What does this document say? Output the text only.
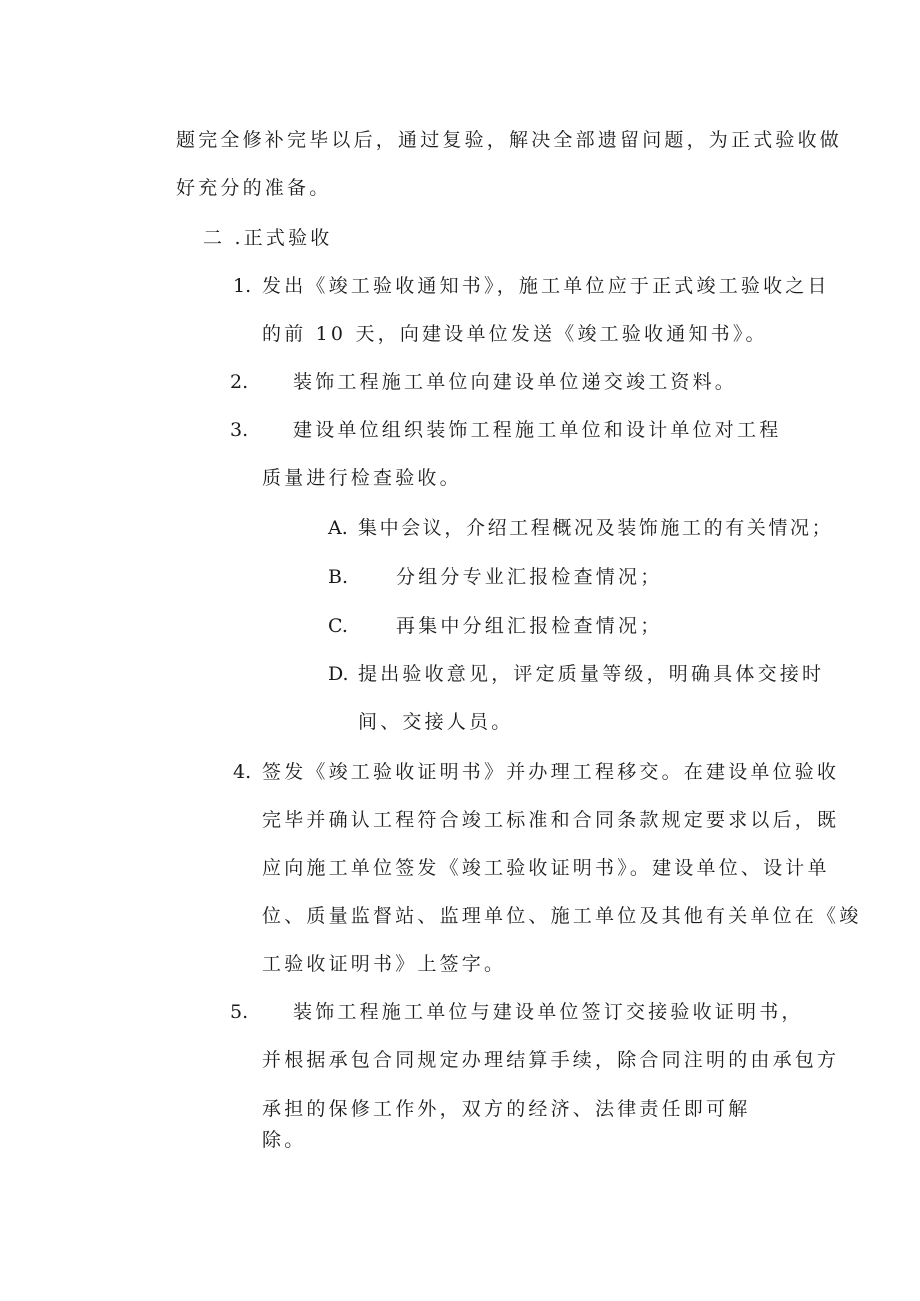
题完全修补完毕以后，通过复验，解决全部遗留问题，为正式验收做
好充分的准备。
二 .正式验收
1. 发出《竣工验收通知书》，施工单位应于正式竣工验收之日
的前 10 天，向建设单位发送《竣工验收通知书》。
2. 装饰工程施工单位向建设单位递交竣工资料。
3. 建设单位组织装饰工程施工单位和设计单位对工程
质量进行检查验收。
A. 集中会议，介绍工程概况及装饰施工的有关情况；
B.	分组分专业汇报检查情况；
C.	再集中分组汇报检查情况；
D. 提出验收意见，评定质量等级，明确具体交接时
间、交接人员。
4. 签发《竣工验收证明书》并办理工程移交。在建设单位验收
完毕并确认工程符合竣工标准和合同条款规定要求以后，既
应向施工单位签发《竣工验收证明书》。建设单位、设计单
位、质量监督站、监理单位、施工单位及其他有关单位在《竣
工验收证明书》上签字。
5. 装饰工程施工单位与建设单位签订交接验收证明书，
并根据承包合同规定办理结算手续，除合同注明的由承包方
承担的保修工作外，双方的经济、法律责任即可解
除。
